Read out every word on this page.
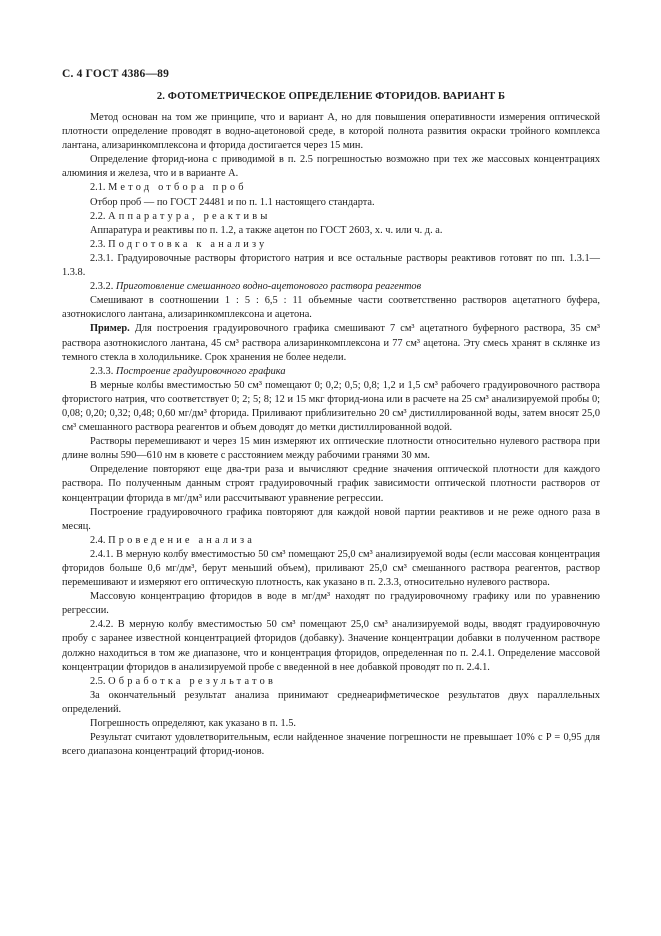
С. 4 ГОСТ 4386—89
2. ФОТОМЕТРИЧЕСКОЕ ОПРЕДЕЛЕНИЕ ФТОРИДОВ. ВАРИАНТ Б

Метод основан на том же принципе, что и вариант А, но для повышения оперативности измерения оптической плотности определение проводят в водно-ацетоновой среде, в которой полнота развития окраски тройного комплекса лантана, ализаринкомплексона и фторида достигается через 15 мин.

Определение фторид-иона с приводимой в п. 2.5 погрешностью возможно при тех же массовых концентрациях алюминия и железа, что и в варианте А.

2.1. Метод отбора проб

Отбор проб — по ГОСТ 24481 и по п. 1.1 настоящего стандарта.

2.2. Аппаратура, реактивы

Аппаратура и реактивы по п. 1.2, а также ацетон по ГОСТ 2603, х. ч. или ч. д. а.

2.3. Подготовка к анализу

2.3.1. Градуировочные растворы фтористого натрия и все остальные растворы реактивов готовят по пп. 1.3.1—1.3.8.

2.3.2. Приготовление смешанного водно-ацетонового раствора реагентов

Смешивают в соотношении 1 : 5 : 6,5 : 11 объемные части соответственно растворов ацетатного буфера, азотнокислого лантана, ализаринкомплексона и ацетона.

Пример. Для построения градуировочного графика смешивают 7 см³ ацетатного буферного раствора, 35 см³ раствора азотнокислого лантана, 45 см³ раствора ализаринкомплексона и 77 см³ ацетона. Эту смесь хранят в склянке из темного стекла в холодильнике. Срок хранения не более недели.

2.3.3. Построение градуировочного графика

В мерные колбы вместимостью 50 см³ помещают 0; 0,2; 0,5; 0,8; 1,2 и 1,5 см³ рабочего градуировочного раствора фтористого натрия, что соответствует 0; 2; 5; 8; 12 и 15 мкг фторид-иона или в расчете на 25 см³ анализируемой пробы 0; 0,08; 0,20; 0,32; 0,48; 0,60 мг/дм³ фторида. Приливают приблизительно 20 см³ дистиллированной воды, затем вносят 25,0 см³ смешанного раствора реагентов и объем доводят до метки дистиллированной водой.

Растворы перемешивают и через 15 мин измеряют их оптические плотности относительно нулевого раствора при длине волны 590—610 нм в кювете с расстоянием между рабочими гранями 30 мм.

Определение повторяют еще два-три раза и вычисляют средние значения оптической плотности для каждого раствора. По полученным данным строят градуировочный график зависимости оптической плотности растворов от концентрации фторида в мг/дм³ или рассчитывают уравнение регрессии.

Построение градуировочного графика повторяют для каждой новой партии реактивов и не реже одного раза в месяц.

2.4. Проведение анализа

2.4.1. В мерную колбу вместимостью 50 см³ помещают 25,0 см³ анализируемой воды (если массовая концентрация фторидов больше 0,6 мг/дм³, берут меньший объем), приливают 25,0 см³ смешанного раствора реагентов, раствор перемешивают и измеряют его оптическую плотность, как указано в п. 2.3.3, относительно нулевого раствора.

Массовую концентрацию фторидов в воде в мг/дм³ находят по градуировочному графику или по уравнению регрессии.

2.4.2. В мерную колбу вместимостью 50 см³ помещают 25,0 см³ анализируемой воды, вводят градуировочную пробу с заранее известной концентрацией фторидов (добавку). Значение концентрации добавки в полученном растворе должно находиться в том же диапазоне, что и концентрация фторидов, определенная по п. 2.4.1. Определение массовой концентрации фторидов в анализируемой пробе с введенной в нее добавкой проводят по п. 2.4.1.

2.5. Обработка результатов

За окончательный результат анализа принимают среднеарифметическое результатов двух параллельных определений.

Погрешность определяют, как указано в п. 1.5.

Результат считают удовлетворительным, если найденное значение погрешности не превышает 10% с P = 0,95 для всего диапазона концентраций фторид-ионов.
